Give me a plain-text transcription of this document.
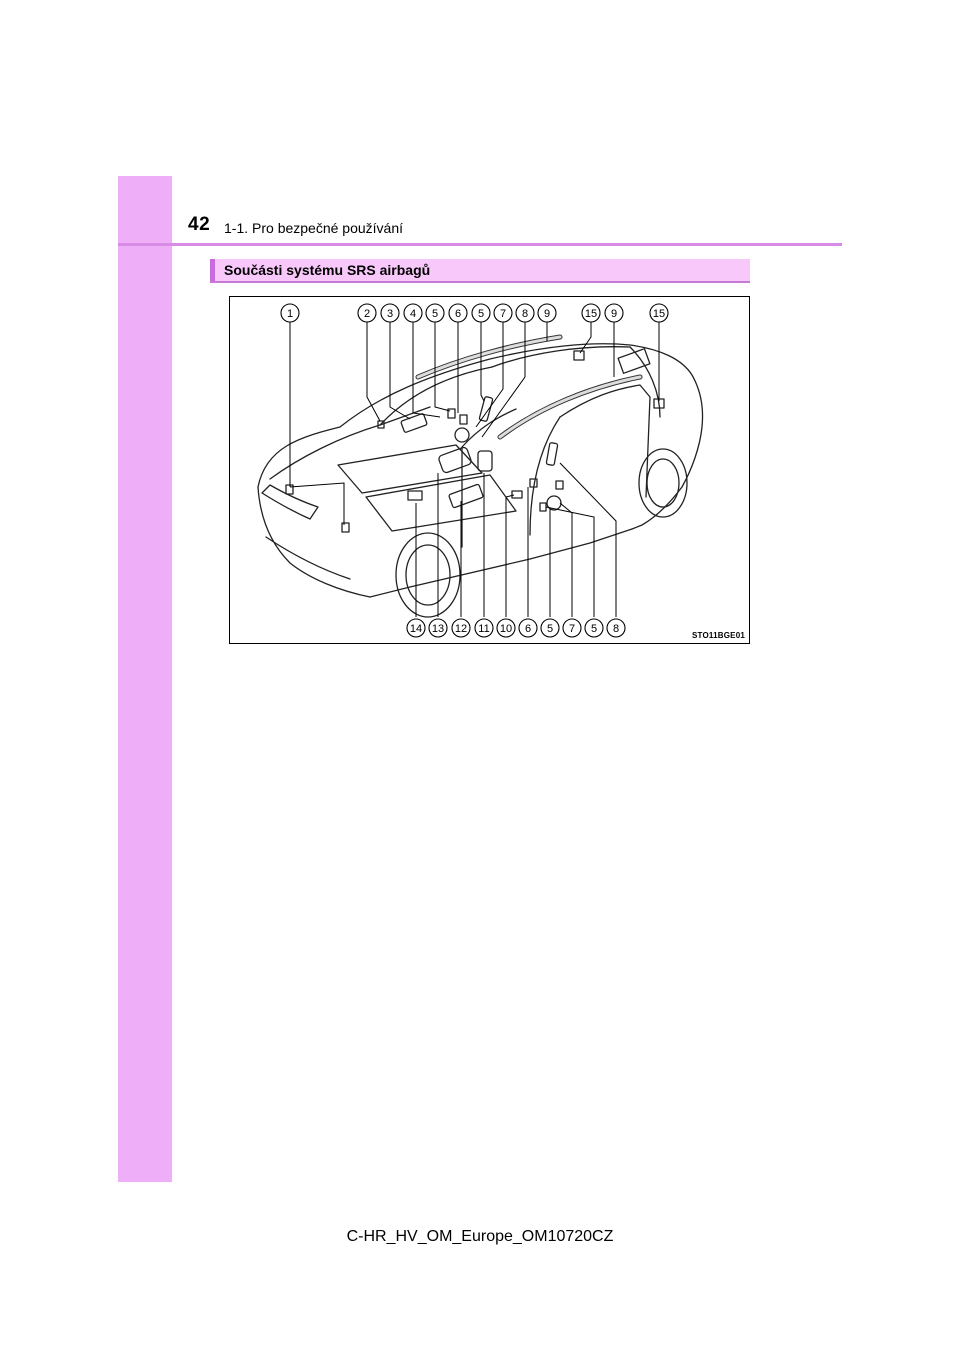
42 1-1. Pro bezpečné používání
Součásti systému SRS airbagů
1	2 3 4 5 6 5 7 8 9	15 9	15
14 13 12 11 10 6 5 7 5 8
STO11BGE01
C-HR_HV_OM_Europe_OM10720CZ
